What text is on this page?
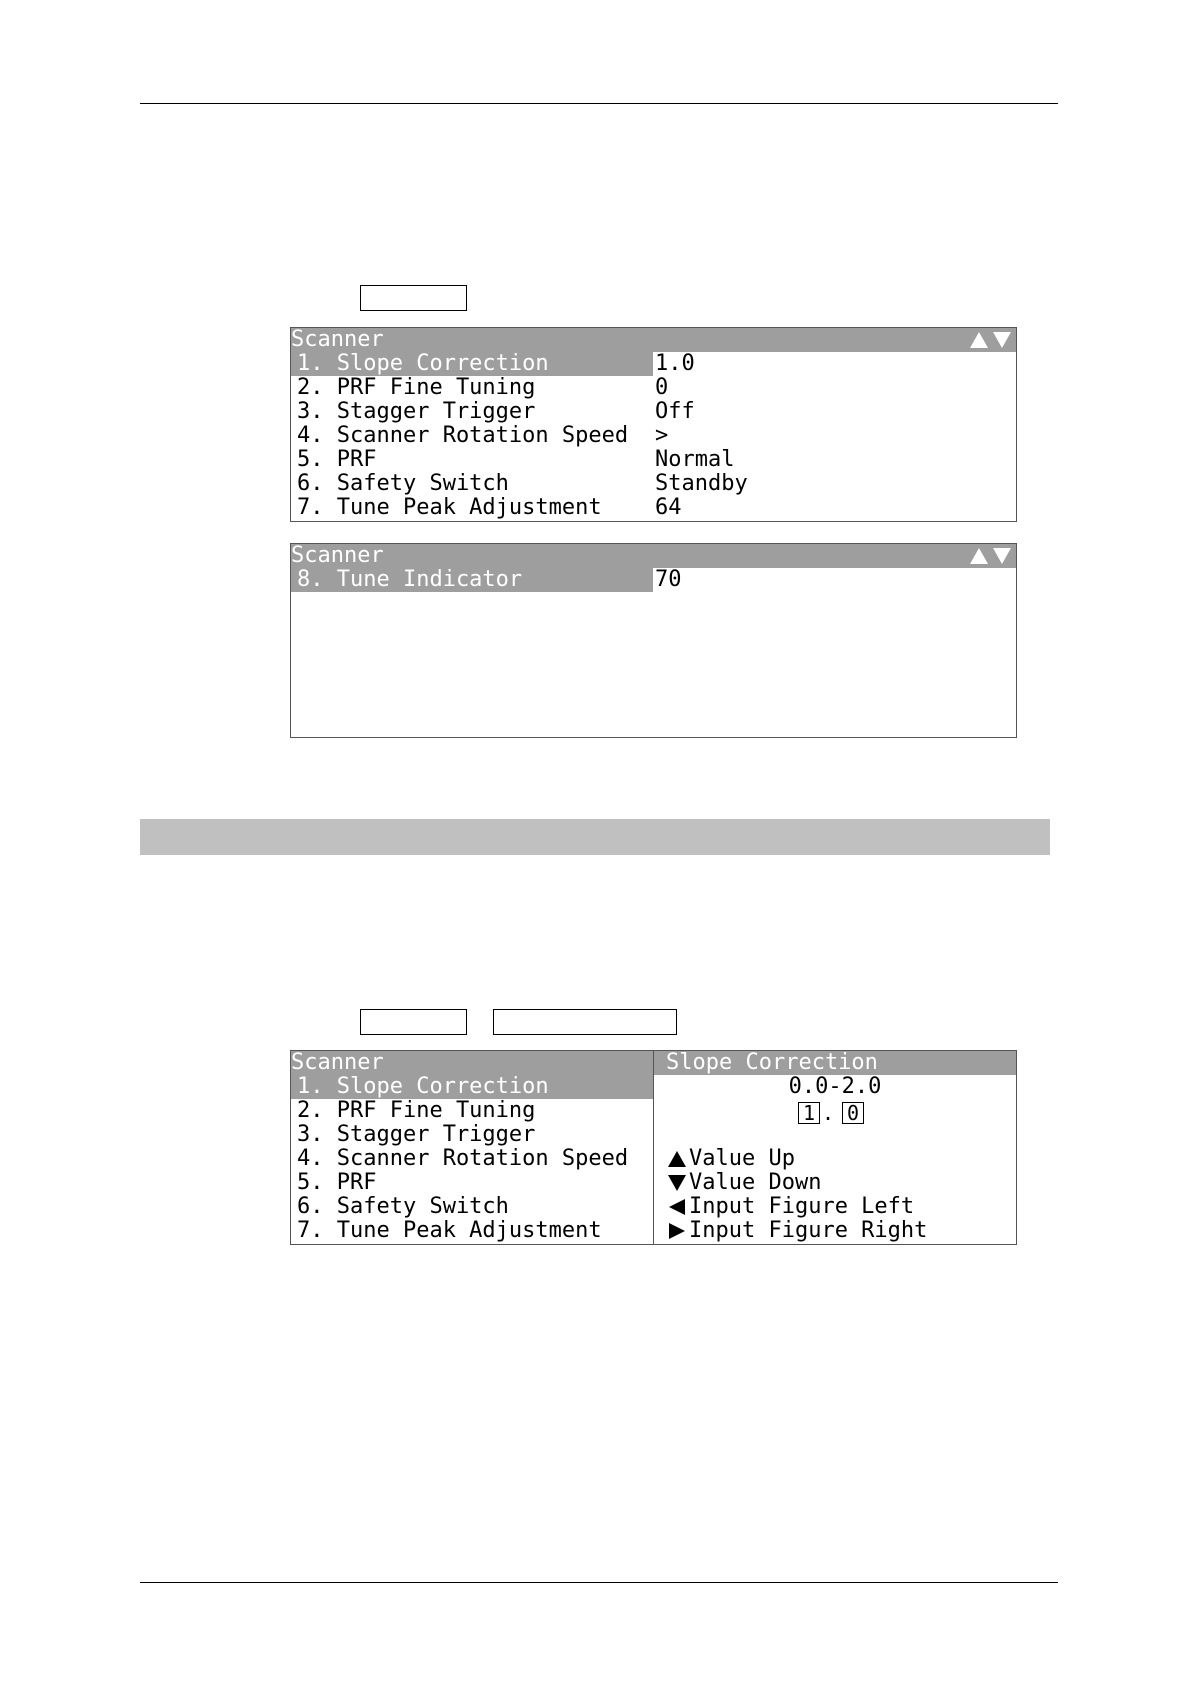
Scanner
1. Slope Correction	1.0
2. PRF Fine Tuning	0
3. Stagger Trigger	Off
4. Scanner Rotation Speed	>
5. PRF	Normal
6. Safety Switch	Standby
7. Tune Peak Adjustment	64
Scanner
8. Tune Indicator	70
Scanner	Slope Correction
1. Slope Correction
2. PRF Fine Tuning
3. Stagger Trigger
4. Scanner Rotation Speed
5. PRF
6. Safety Switch
7. Tune Peak Adjustment
0.0-2.0
1 . 0
Value Up
Value Down
Input Figure Left
Input Figure Right
